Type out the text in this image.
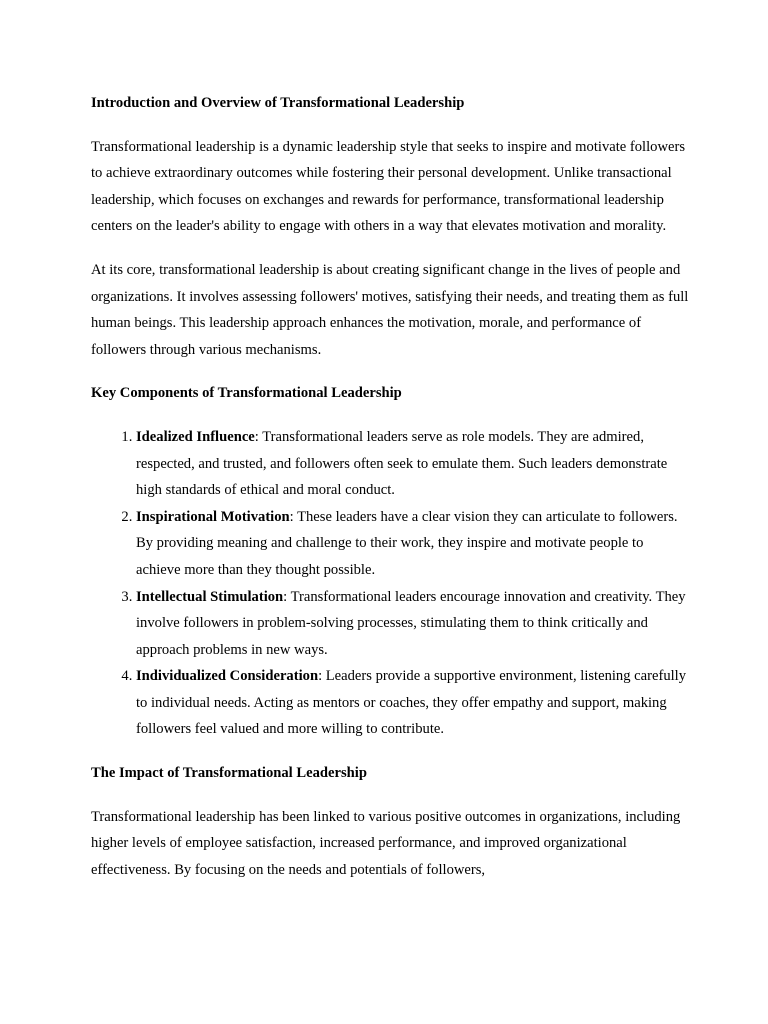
Introduction and Overview of Transformational Leadership

Transformational leadership is a dynamic leadership style that seeks to inspire and motivate followers to achieve extraordinary outcomes while fostering their personal development. Unlike transactional leadership, which focuses on exchanges and rewards for performance, transformational leadership centers on the leader's ability to engage with others in a way that elevates motivation and morality.

At its core, transformational leadership is about creating significant change in the lives of people and organizations. It involves assessing followers' motives, satisfying their needs, and treating them as full human beings. This leadership approach enhances the motivation, morale, and performance of followers through various mechanisms.

Key Components of Transformational Leadership
1. Idealized Influence: Transformational leaders serve as role models. They are admired, respected, and trusted, and followers often seek to emulate them. Such leaders demonstrate high standards of ethical and moral conduct.
2. Inspirational Motivation: These leaders have a clear vision they can articulate to followers. By providing meaning and challenge to their work, they inspire and motivate people to achieve more than they thought possible.
3. Intellectual Stimulation: Transformational leaders encourage innovation and creativity. They involve followers in problem-solving processes, stimulating them to think critically and approach problems in new ways.
4. Individualized Consideration: Leaders provide a supportive environment, listening carefully to individual needs. Acting as mentors or coaches, they offer empathy and support, making followers feel valued and more willing to contribute.
The Impact of Transformational Leadership

Transformational leadership has been linked to various positive outcomes in organizations, including higher levels of employee satisfaction, increased performance, and improved organizational effectiveness. By focusing on the needs and potentials of followers,
